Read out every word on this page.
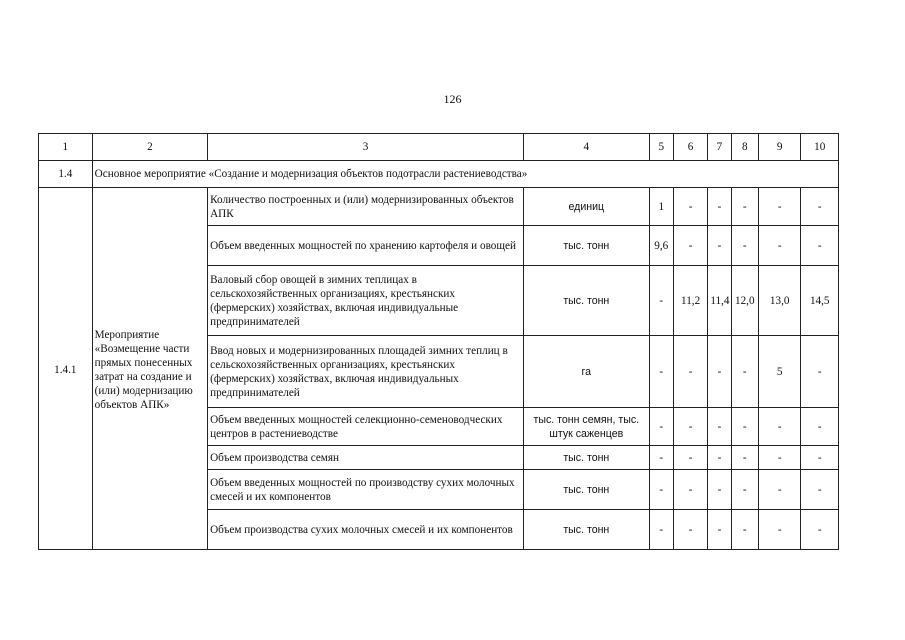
126
1	2	3	4	5	6	7	8	9	10
1.4	Основное мероприятие «Создание и модернизация объектов подотрасли растениеводства»								
1.4.1	Мероприятие «Возмещение части прямых понесенных затрат на создание и (или) модернизацию объектов АПК»	Количество построенных и (или) модернизированных объектов АПК	единиц	1	-	-	-	-	-
		Объем введенных мощностей по хранению картофеля и овощей	тыс. тонн	9,6	-	-	-	-	-
		Валовый сбор овощей в зимних теплицах в сельскохозяйственных организациях, крестьянских (фермерских) хозяйствах, включая индивидуальные предпринимателей	тыс. тонн	-	11,2	11,4	12,0	13,0	14,5
		Ввод новых и модернизированных площадей зимних теплиц в сельскохозяйственных организациях, крестьянских (фермерских) хозяйствах, включая индивидуальных предпринимателей	га	-	-	-	-	5	-
		Объем введенных мощностей селекционно-семеноводческих центров в растениеводстве	тыс. тонн семян, тыс. штук саженцев	-	-	-	-	-	-
		Объем производства семян	тыс. тонн	-	-	-	-	-	-
		Объем введенных мощностей по производству сухих молочных смесей и их компонентов	тыс. тонн	-	-	-	-	-	-
		Объем производства сухих молочных смесей и их компонентов	тыс. тонн	-	-	-	-	-	-
